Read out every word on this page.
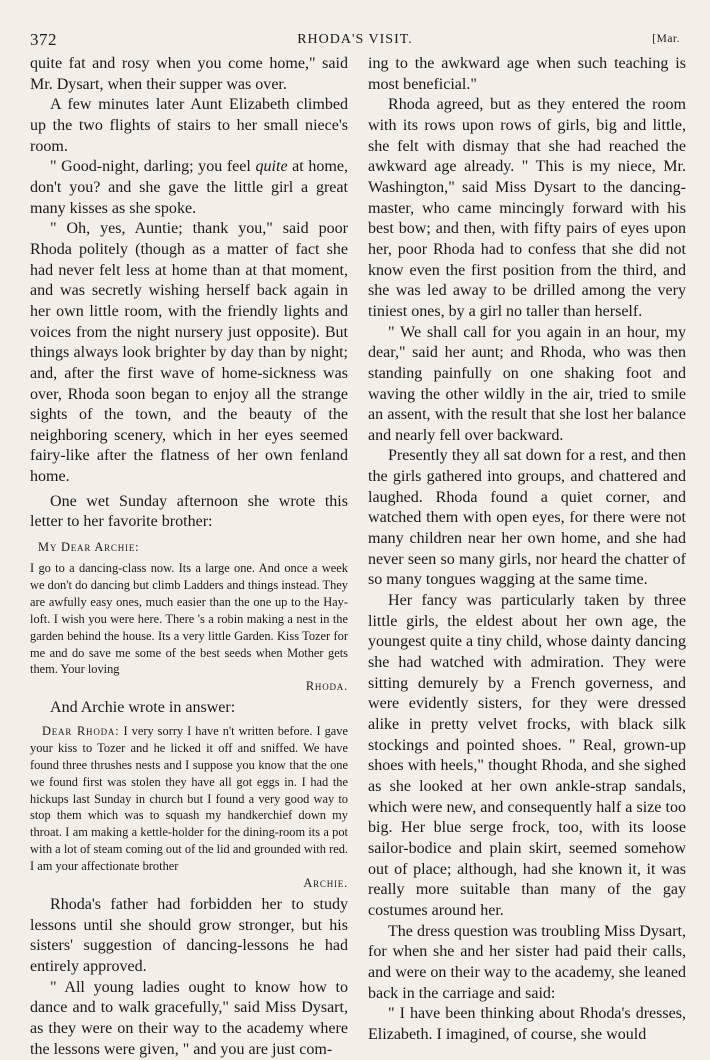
372	RHODA'S VISIT.	[Mar.

quite fat and rosy when you come home," said Mr. Dysart, when their supper was over.

A few minutes later Aunt Elizabeth climbed up the two flights of stairs to her small niece's room.

" Good-night, darling; you feel quite at home, don't you? and she gave the little girl a great many kisses as she spoke.

" Oh, yes, Auntie; thank you," said poor Rhoda politely (though as a matter of fact she had never felt less at home than at that moment, and was secretly wishing herself back again in her own little room, with the friendly lights and voices from the night nursery just opposite). But things always look brighter by day than by night; and, after the first wave of home-sickness was over, Rhoda soon began to enjoy all the strange sights of the town, and the beauty of the neighboring scenery, which in her eyes seemed fairy-like after the flatness of her own fenland home.

One wet Sunday afternoon she wrote this letter to her favorite brother:

My Dear Archie:

I go to a dancing-class now. Its a large one. And once a week we don't do dancing but climb Ladders and things instead. They are awfully easy ones, much easier than the one up to the Hay-loft. I wish you were here. There 's a robin making a nest in the garden behind the house. Its a very little Garden. Kiss Tozer for me and do save me some of the best seeds when Mother gets them. Your loving

Rhoda.

And Archie wrote in answer:

Dear Rhoda: I very sorry I have n't written before. I gave your kiss to Tozer and he licked it off and sniffed. We have found three thrushes nests and I suppose you know that the one we found first was stolen they have all got eggs in. I had the hickups last Sunday in church but I found a very good way to stop them which was to squash my handkerchief down my throat. I am making a kettle-holder for the dining-room its a pot with a lot of steam coming out of the lid and grounded with red. I am your affectionate brother

Archie.

Rhoda's father had forbidden her to study lessons until she should grow stronger, but his sisters' suggestion of dancing-lessons he had entirely approved.

" All young ladies ought to know how to dance and to walk gracefully," said Miss Dysart, as they were on their way to the academy where the lessons were given, " and you are just com-

ing to the awkward age when such teaching is most beneficial."

Rhoda agreed, but as they entered the room with its rows upon rows of girls, big and little, she felt with dismay that she had reached the awkward age already. " This is my niece, Mr. Washington," said Miss Dysart to the dancing-master, who came mincingly forward with his best bow; and then, with fifty pairs of eyes upon her, poor Rhoda had to confess that she did not know even the first position from the third, and she was led away to be drilled among the very tiniest ones, by a girl no taller than herself.

" We shall call for you again in an hour, my dear," said her aunt; and Rhoda, who was then standing painfully on one shaking foot and waving the other wildly in the air, tried to smile an assent, with the result that she lost her balance and nearly fell over backward.

Presently they all sat down for a rest, and then the girls gathered into groups, and chattered and laughed. Rhoda found a quiet corner, and watched them with open eyes, for there were not many children near her own home, and she had never seen so many girls, nor heard the chatter of so many tongues wagging at the same time.

Her fancy was particularly taken by three little girls, the eldest about her own age, the youngest quite a tiny child, whose dainty dancing she had watched with admiration. They were sitting demurely by a French governess, and were evidently sisters, for they were dressed alike in pretty velvet frocks, with black silk stockings and pointed shoes. " Real, grown-up shoes with heels," thought Rhoda, and she sighed as she looked at her own ankle-strap sandals, which were new, and consequently half a size too big. Her blue serge frock, too, with its loose sailor-bodice and plain skirt, seemed somehow out of place; although, had she known it, it was really more suitable than many of the gay costumes around her.

The dress question was troubling Miss Dysart, for when she and her sister had paid their calls, and were on their way to the academy, she leaned back in the carriage and said:

" I have been thinking about Rhoda's dresses, Elizabeth. I imagined, of course, she would
